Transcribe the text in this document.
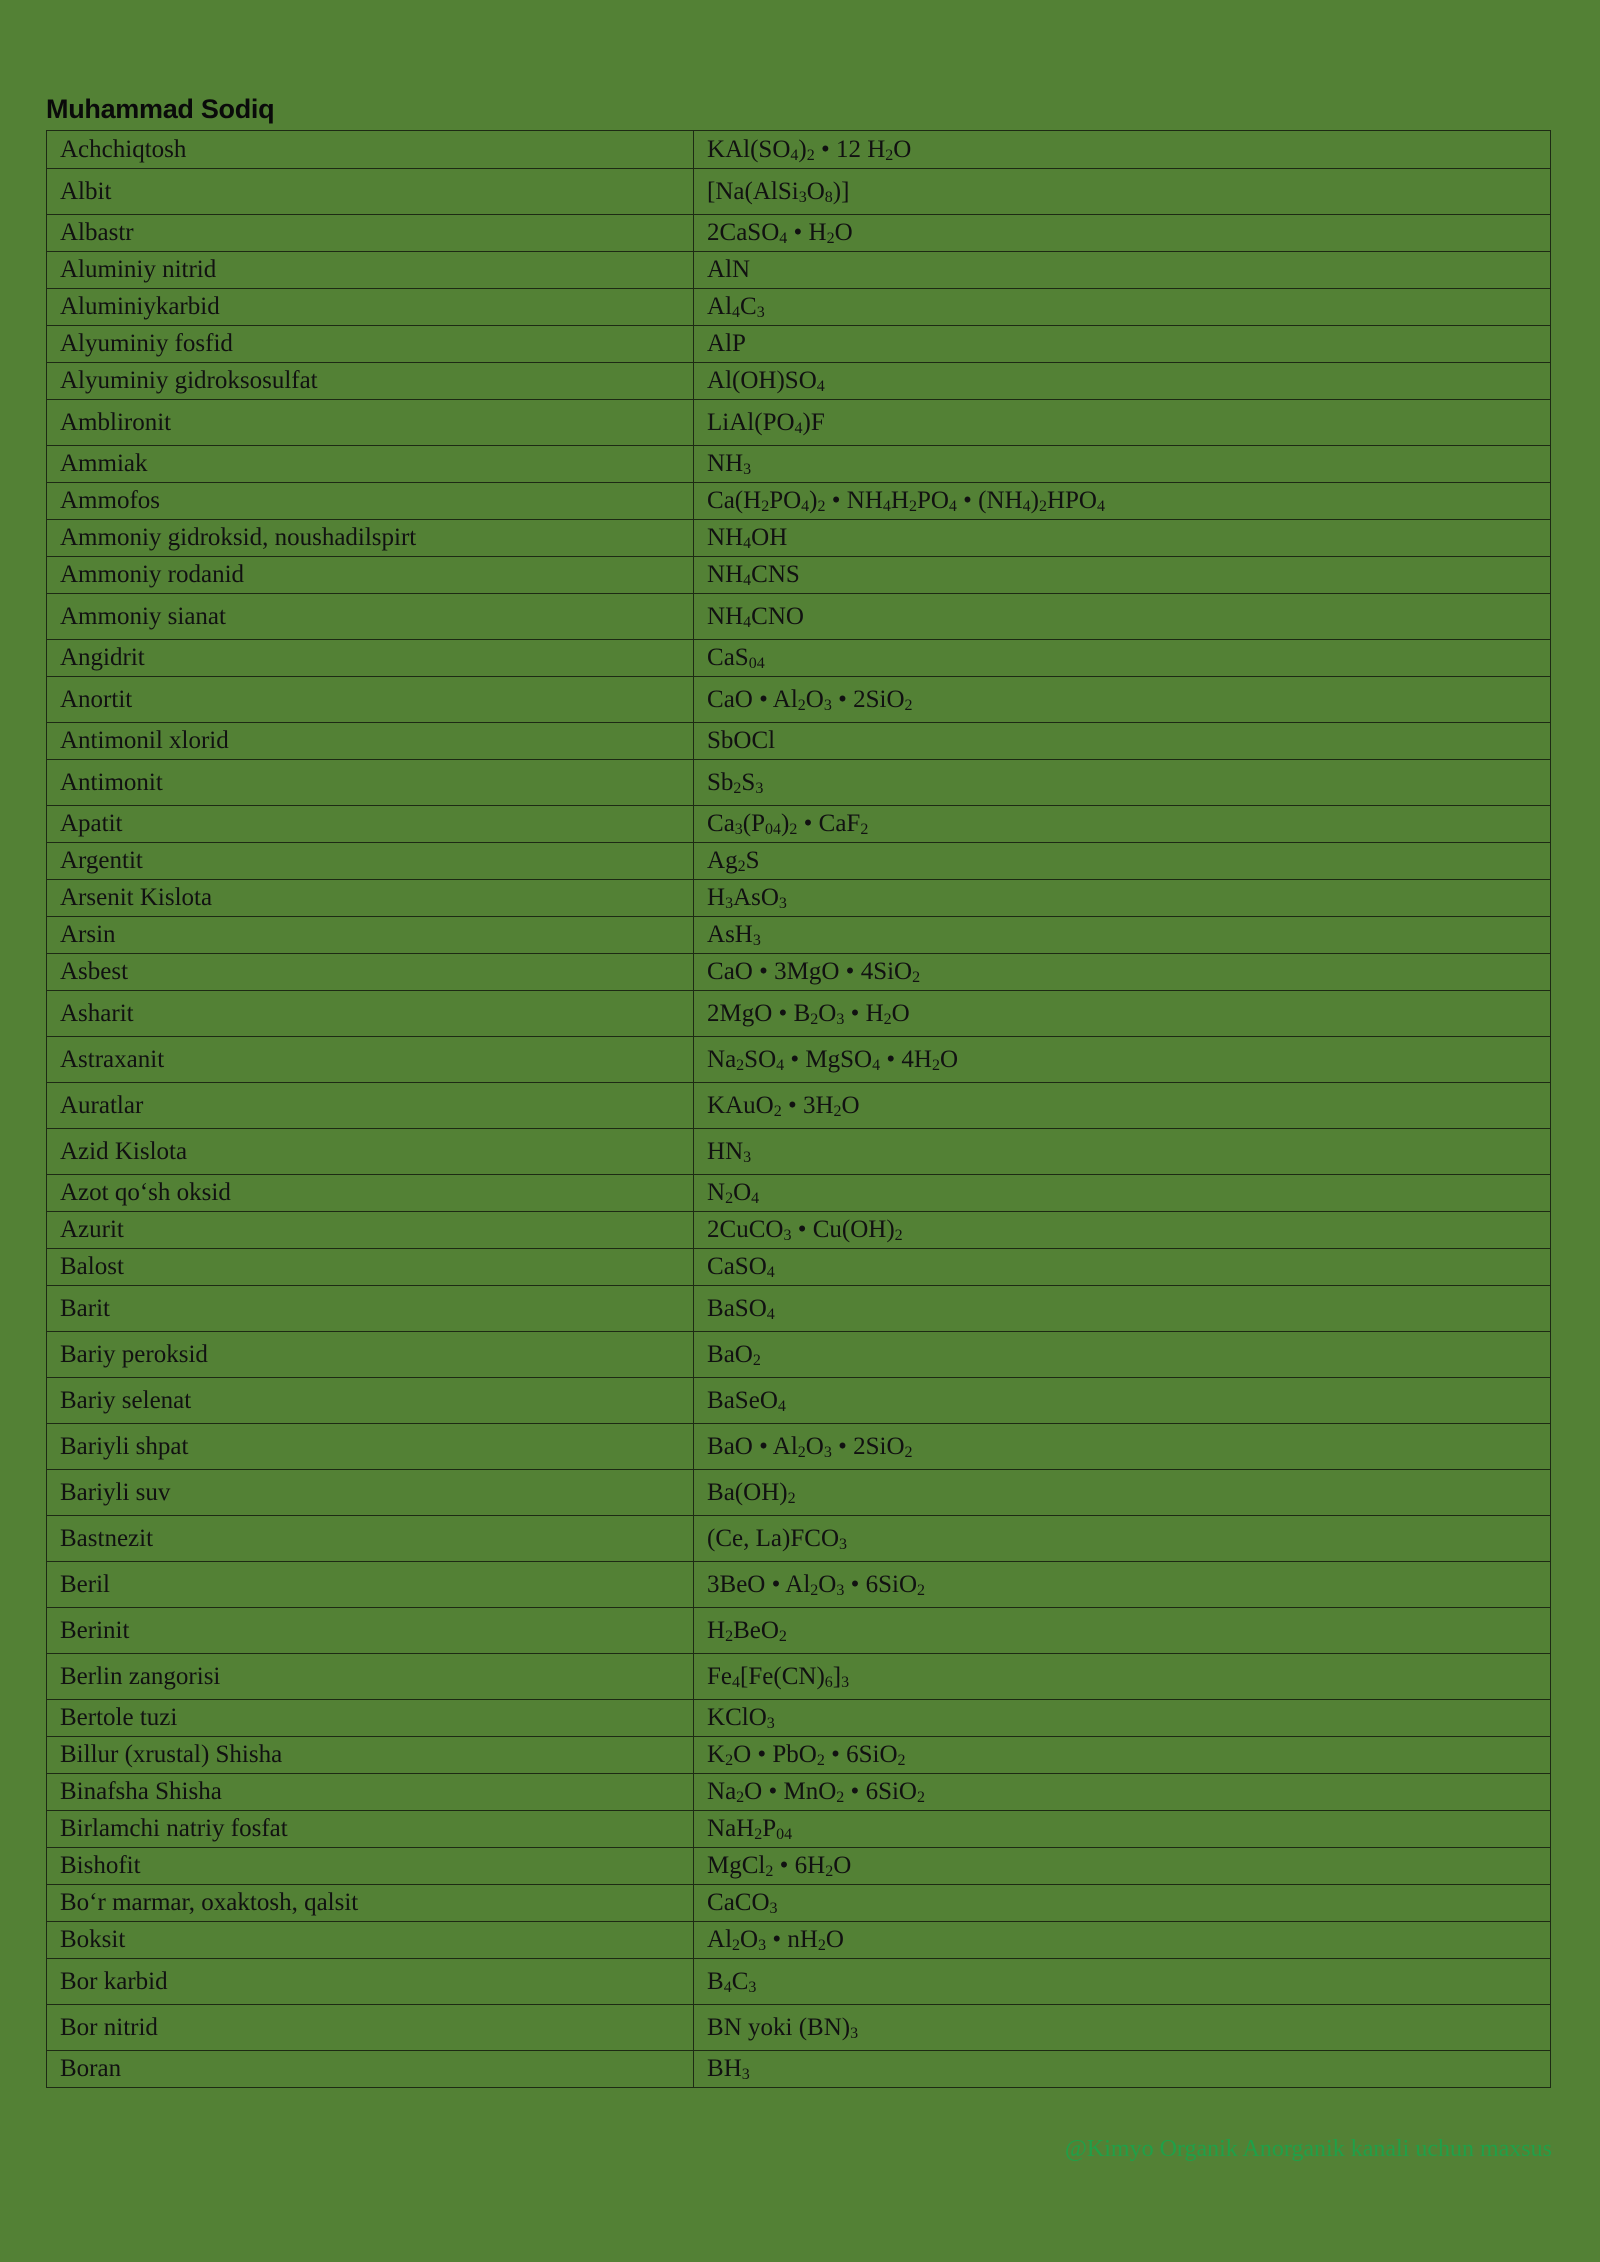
Muhammad Sodiq
Achchiqtosh	$KAl(SO_4)_2$ • 12 $H_2O$
Albit	$[Na(AlSi_3O_8)]$
Albastr	2CaSO$_4$ • $H_2O$
Aluminiy nitrid	AlN
Aluminiykarbid	$Al_4C_3$
Alyuminiy fosfid	AlP
Alyuminiy gidroksosulfat	$Al(OH)SO_4$
Amblironit	$LiAl(PO_4)F$
Ammiak	$NH_3$
Ammofos	$Ca(H_2PO_4)_2$ • $NH_4H_2PO_4$ • $(NH_4)_2HPO_4$
Ammoniy gidroksid, noushadilspirt	$NH_4OH$
Ammoniy rodanid	$NH_4CNS$
Ammoniy sianat	$NH_4CNO$
Angidrit	CaS$_{04}$
Anortit	CaO • $Al_2O_3$ • 2SiO$_2$
Antimonil xlorid	SbOCl
Antimonit	$Sb_2S_3$
Apatit	$Ca_3(P_{04})_2$ • CaF$_2$
Argentit	$Ag_2S$
Arsenit Kislota	$H_3AsO_3$
Arsin	AsH$_3$
Asbest	CaO • 3MgO • 4SiO$_2$
Asharit	2MgO • $B_2O_3$ • $H_2O$
Astraxanit	$Na_2SO_4$ • MgSO$_4$ • $4H_2O$
Auratlar	KAuO$_2$ • $3H_2O$
Azid Kislota	$HN_3$
Azot qo‘sh oksid	$N_2O_4$
Azurit	2CuCO$_3$ • $Cu(OH)_2$
Balost	CaSO$_4$
Barit	BaSO$_4$
Bariy peroksid	BaO$_2$
Bariy selenat	BaSeO$_4$
Bariyli shpat	BaO • $Al_2O_3$ • 2SiO$_2$
Bariyli suv	$Ba(OH)_2$
Bastnezit	(Ce, $La)FCO_3$
Beril	3BeO • $Al_2O_3$ • 6SiO$_2$
Berinit	$H_2BeO_2$
Berlin zangorisi	$Fe_4[Fe(CN)_6]_3$
Bertole tuzi	KClO$_3$
Billur (xrustal) Shisha	$K_2O$ • PbO$_2$ • 6SiO$_2$
Binafsha Shisha	$Na_2O$ • MnO$_2$ • 6SiO$_2$
Birlamchi natriy fosfat	$NaH_2P_{04}$
Bishofit	MgCl$_2$ • $6H_2O$
Bo‘r marmar, oxaktosh, qalsit	CaCO$_3$
Boksit	$Al_2O_3$ • $nH_2O$
Bor karbid	$B_4C_3$
Bor nitrid	BN yoki $(BN)_3$
Boran	$BH_3$
@Kimyo Organik Anorganik kanali uchun maxsus
